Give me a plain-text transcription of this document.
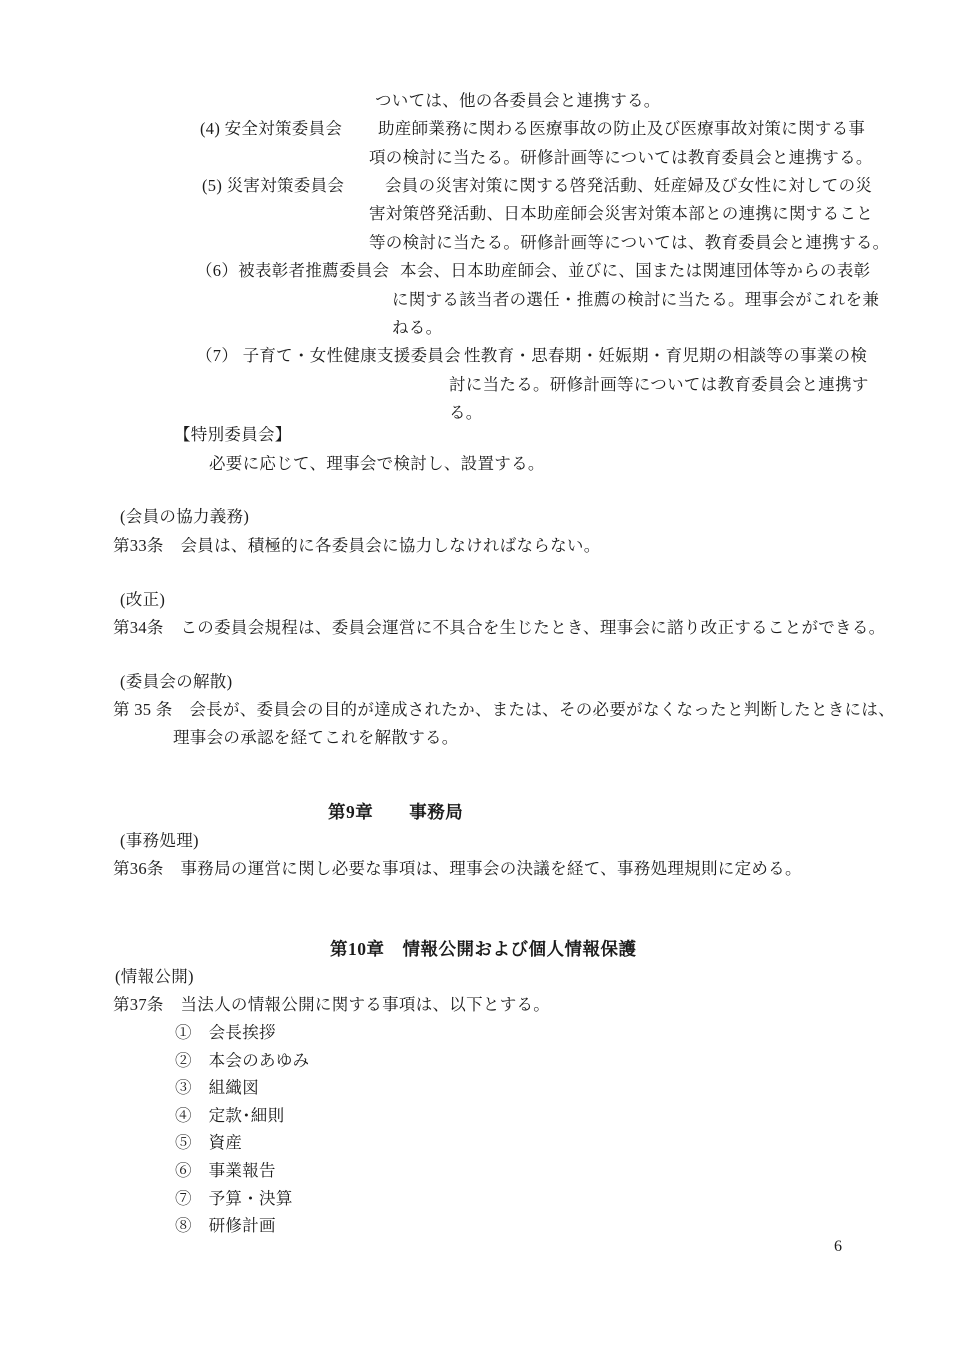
ついては、他の各委員会と連携する。
(4) 安全対策委員会 助産師業務に関わる医療事故の防止及び医療事故対策に関する事
項の検討に当たる。研修計画等については教育委員会と連携する。
(5) 災害対策委員会 会員の災害対策に関する啓発活動、妊産婦及び女性に対しての災
害対策啓発活動、日本助産師会災害対策本部との連携に関すること
等の検討に当たる。研修計画等については、教育委員会と連携する。
（6）被表彰者推薦委員会 本会、日本助産師会、並びに、国または関連団体等からの表彰
に関する該当者の選任・推薦の検討に当たる。理事会がこれを兼
ねる。
（7） 子育て・女性健康支援委員会 性教育・思春期・妊娠期・育児期の相談等の事業の検
討に当たる。研修計画等については教育委員会と連携す
る。
【特別委員会】
必要に応じて、理事会で検討し、設置する。
(会員の協力義務)
第33条　会員は、積極的に各委員会に協力しなければならない。
(改正)
第34条　この委員会規程は、委員会運営に不具合を生じたとき、理事会に諮り改正することができる。
(委員会の解散)
第 35 条　会長が、委員会の目的が達成されたか、または、その必要がなくなったと判断したときには、
理事会の承認を経てこれを解散する。
第9章　　事務局
(事務処理)
第36条　事務局の運営に関し必要な事項は、理事会の決議を経て、事務処理規則に定める。
第10章　情報公開および個人情報保護
(情報公開)
第37条　当法人の情報公開に関する事項は、以下とする。
①　 会長挨拶
②　 本会のあゆみ
③　 組織図
④　 定款･細則
⑤　 資産
⑥　 事業報告
⑦　 予算・決算
⑧　 研修計画
6
